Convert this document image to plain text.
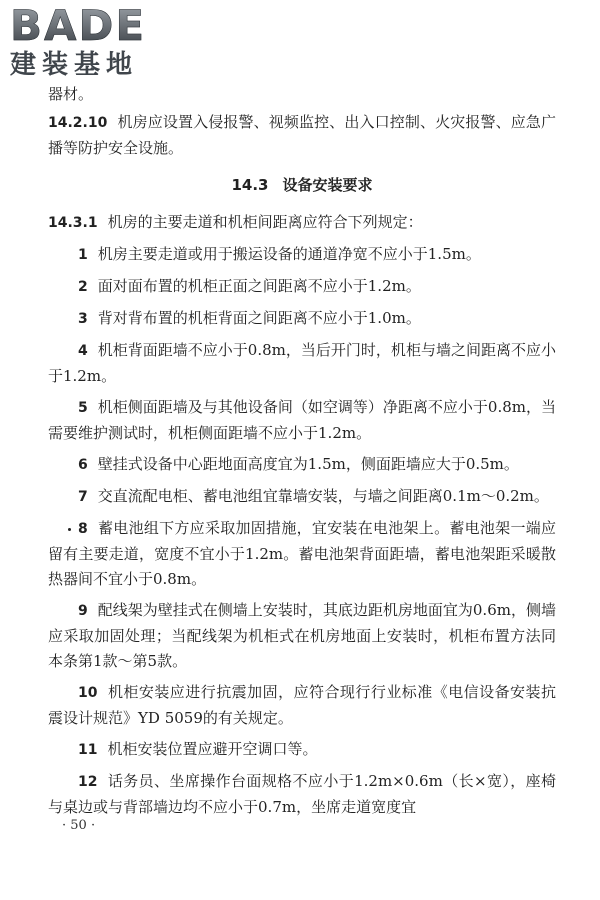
BADE
建装基地

器材。

14.2.10 机房应设置入侵报警、视频监控、出入口控制、火灾报警、应急广播等防护安全设施。

14.3 设备安装要求

14.3.1 机房的主要走道和机柜间距离应符合下列规定：

1 机房主要走道或用于搬运设备的通道净宽不应小于1.5m。

2 面对面布置的机柜正面之间距离不应小于1.2m。

3 背对背布置的机柜背面之间距离不应小于1.0m。

4 机柜背面距墙不应小于0.8m，当后开门时，机柜与墙之间距离不应小于1.2m。

5 机柜侧面距墙及与其他设备间（如空调等）净距离不应小于0.8m，当需要维护测试时，机柜侧面距墙不应小于1.2m。

6 壁挂式设备中心距地面高度宜为1.5m，侧面距墙应大于0.5m。

7 交直流配电柜、蓄电池组宜靠墙安装，与墙之间距离0.1m～0.2m。

8 蓄电池组下方应采取加固措施，宜安装在电池架上。蓄电池架一端应留有主要走道，宽度不宜小于1.2m。蓄电池架背面距墙，蓄电池架距采暖散热器间不宜小于0.8m。

9 配线架为壁挂式在侧墙上安装时，其底边距机房地面宜为0.6m，侧墙应采取加固处理；当配线架为机柜式在机房地面上安装时，机柜布置方法同本条第1款～第5款。

10 机柜安装应进行抗震加固，应符合现行行业标准《电信设备安装抗震设计规范》YD 5059的有关规定。

11 机柜安装位置应避开空调口等。

12 话务员、坐席操作台面规格不应小于1.2m×0.6m（长×宽），座椅与桌边或与背部墙边均不应小于0.7m，坐席走道宽度宜

· 50 ·
